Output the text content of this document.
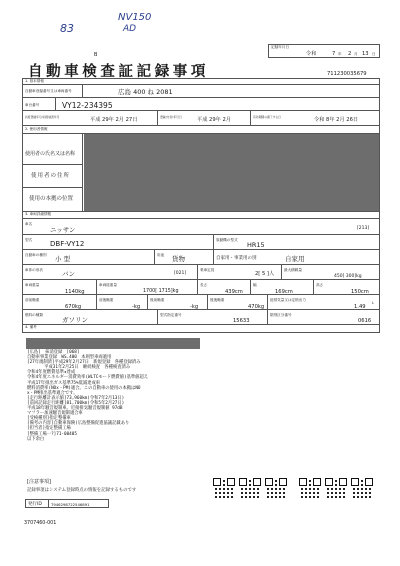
83
NV150
AD
B
記録年月日
令和	7 年 2 月 13 日
自動車検査証記録事項	711230035679
1. 基本情報
自動車登録番号又は車両番号	広島 400 ね 2081
車台番号	VY12-234395
初度登録年月/初度検査年月	平成 29年 2月 27日	登録(交付)年月日	平成 29年 2月	有効期間の満了する日	令和 8年 2月 26日
2. 使用者情報
使用者の氏名又は名称
使用者の住所
使用の本拠の位置
3. 車両詳細情報
車名
ニッサン	[213]
型式	DBF-VY12	原動機の型式
HR15
自動車の種別 小 型	用途 貨物	自家用・事業用の別	自家用
車体の形状	バン	[021]
乗車定員
2[ 5 ]人
最大積載量
450[ 300]kg
車両重量
1140kg
車両総重量
1700[ 1715]kg
長さ
439cm
幅
169cm
高さ
150cm
前前軸重
670kg
前後軸重
-kg
後前軸重
-kg
後後軸重
470kg
総排気量又は定格出力
1.49
L
燃料の種類
ガソリン
型式指定番号
15633
類別区分番号
0616
4. 備考
[広島]　抹消登録　[068]
自動車事業登録　WS.400　本則型車両適用
[27年規制済]平成29年2月27日　新規登録　各種登録済み
　　　　平成31年2月25日　継続検査　各種検査済み
令和4年度燃費基準★達成
令和4年度エネルギー消費効率(WLTCモード燃費値)基準値超え
平成17年排出ガス基準75%低減達成車
燃料消費率(NOx・PM)適合。この自動車の使用の本拠はNO
x・PM排出基準適合です。
[走行距離計表示値]73,960km(令和7年2月13日)
[前回記録走行距離]81,700km(令和5年2月27日)
平成18年騒音規制車。近接排気騒音規制値 97dB
マフラー加速騒音規制適合車
[受検種別]指定整備車
[備考の内容]自動車保険(広島整備促進協議記載あり
[担当者]指定整備工場
[整備工場一?]71-00405
以下余白
[注意事項]
記録事項はシステム登録時点の情報を記録するものです
発行ID T946298722546891
3707460-001
